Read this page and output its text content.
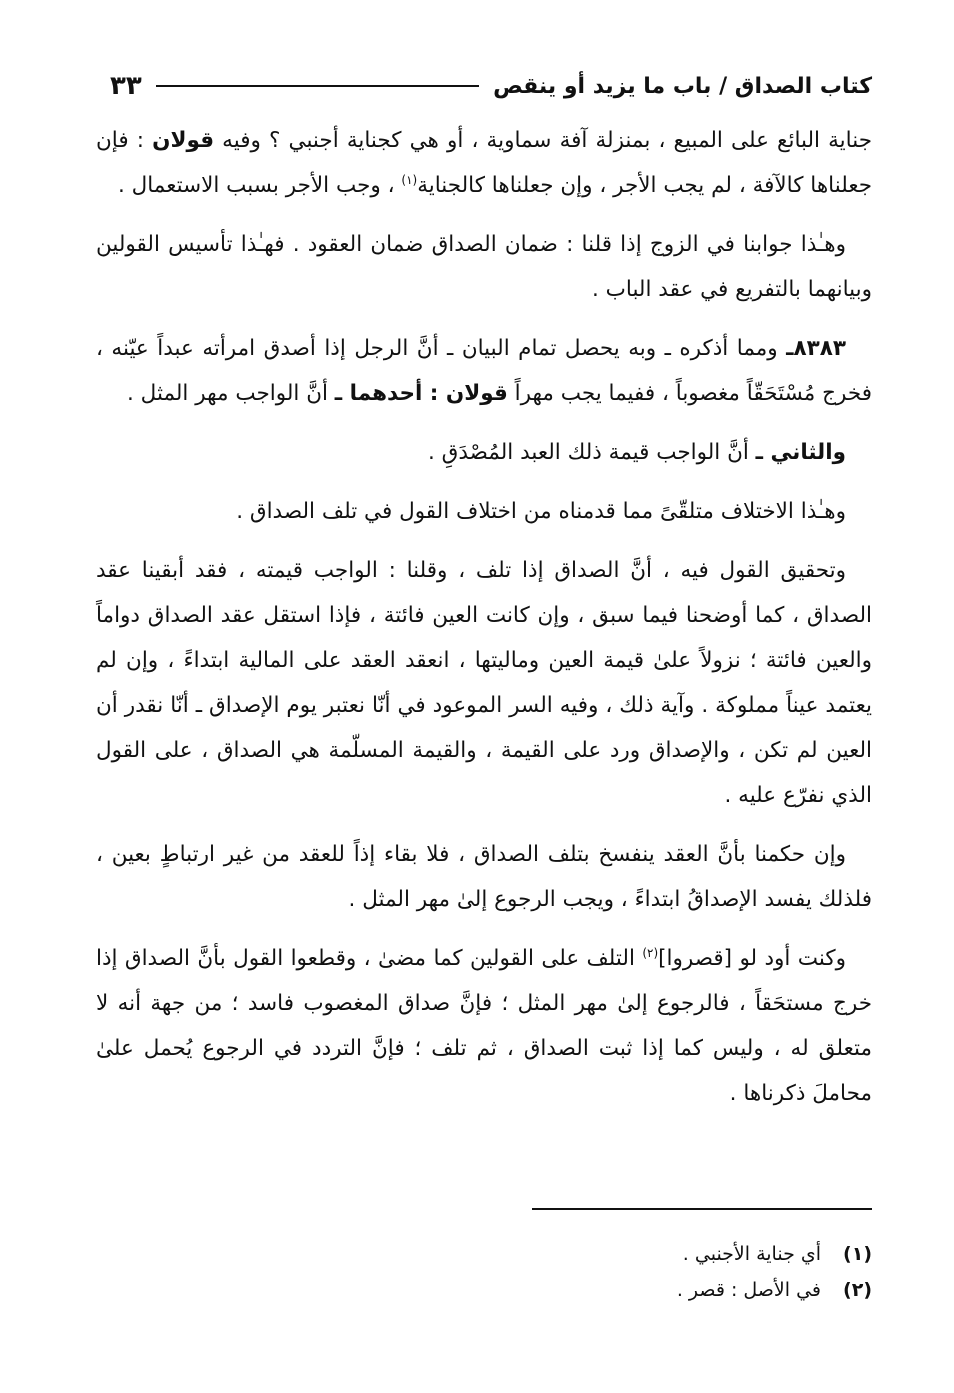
كتاب الصداق / باب ما يزيد أو ينقص
٣٣

جناية البائع على المبيع ، بمنزلة آفة سماوية ، أو هي كجناية أجنبي ؟ وفيه قولان : فإن جعلناها كالآفة ، لم يجب الأجر ، وإن جعلناها كالجناية$^{(١)}$ ، وجب الأجر بسبب الاستعمال .

وهـٰذا جوابنا في الزوج إذا قلنا : ضمان الصداق ضمان العقود . فهـٰذا تأسيس القولين وبيانهما بالتفريع في عقد الباب .

٨٣٨٣ـ ومما أذكره ـ وبه يحصل تمام البيان ـ أنَّ الرجل إذا أصدق امرأته عبداً عيّنه ، فخرج مُسْتَحَقّاً مغصوباً ، ففيما يجب مهراً قولان : أحدهما ـ أنَّ الواجب مهر المثل .

والثاني ـ أنَّ الواجب قيمة ذلك العبد المُصْدَقِ .

وهـٰذا الاختلاف متلقّىً مما قدمناه من اختلاف القول في تلف الصداق .

وتحقيق القول فيه ، أنَّ الصداق إذا تلف ، وقلنا : الواجب قيمته ، فقد أبقينا عقد الصداق ، كما أوضحنا فيما سبق ، وإن كانت العين فائتة ، فإذا استقل عقد الصداق دواماً والعين فائتة ؛ نزولاً علىٰ قيمة العين وماليتها ، انعقد العقد على المالية ابتداءً ، وإن لم يعتمد عيناً مملوكة . وآية ذلك ، وفيه السر الموعود في أنّا نعتبر يوم الإصداق ـ أنّا نقدر أن العين لم تكن ، والإصداق ورد على القيمة ، والقيمة المسلّمة هي الصداق ، على القول الذي نفرّع عليه .

وإن حكمنا بأنَّ العقد ينفسخ بتلف الصداق ، فلا بقاء إذاً للعقد من غير ارتباطٍ بعين ، فلذلك يفسد الإصداقُ ابتداءً ، ويجب الرجوع إلىٰ مهر المثل .

وكنت أود لو [قصروا]$^{(٢)}$ التلف على القولين كما مضىٰ ، وقطعوا القول بأنَّ الصداق إذا خرج مستحَقاً ، فالرجوع إلىٰ مهر المثل ؛ فإنَّ صداق المغصوب فاسد ؛ من جهة أنه لا متعلق له ، وليس كما إذا ثبت الصداق ، ثم تلف ؛ فإنَّ التردد في الرجوع يُحمل علىٰ محاملَ ذكرناها .

(١)
أي جناية الأجنبي .
(٢)
في الأصل : قصر .
